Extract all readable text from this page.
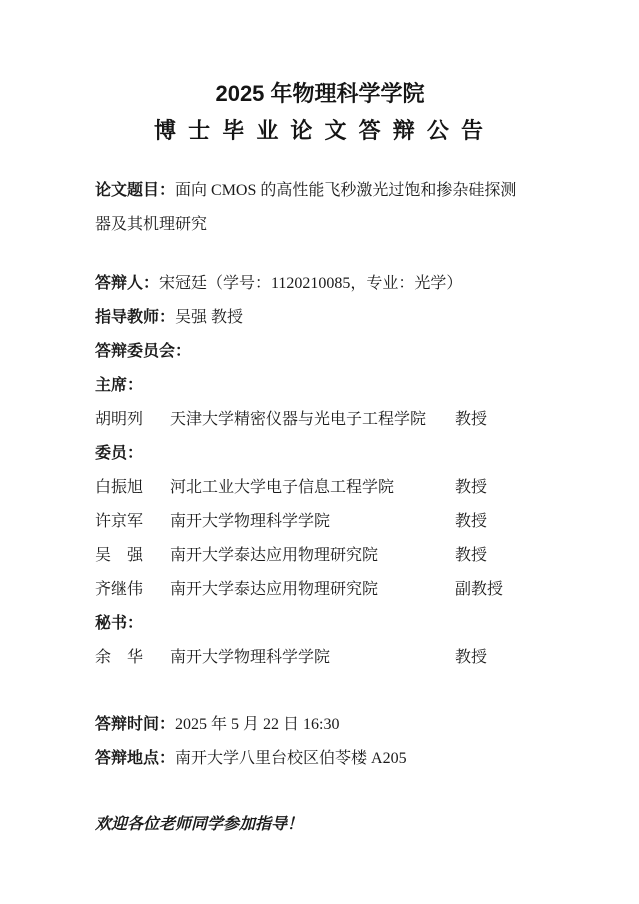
2025 年物理科学学院
博 士 毕 业 论 文 答 辩 公 告

论文题目：面向 CMOS 的高性能飞秒激光过饱和掺杂硅探测器及其机理研究

答辩人：宋冠廷（学号：1120210085，专业：光学）
指导教师：吴强 教授
答辩委员会：
主席：
胡明列	天津大学精密仪器与光电子工程学院	教授
委员：
白振旭	河北工业大学电子信息工程学院	教授
许京军	南开大学物理科学学院	教授
吴　强	南开大学泰达应用物理研究院	教授
齐继伟	南开大学泰达应用物理研究院	副教授
秘书：
余　华	南开大学物理科学学院	教授
答辩时间：2025 年 5 月 22 日 16:30
答辩地点：南开大学八里台校区伯苓楼 A205
欢迎各位老师同学参加指导！
